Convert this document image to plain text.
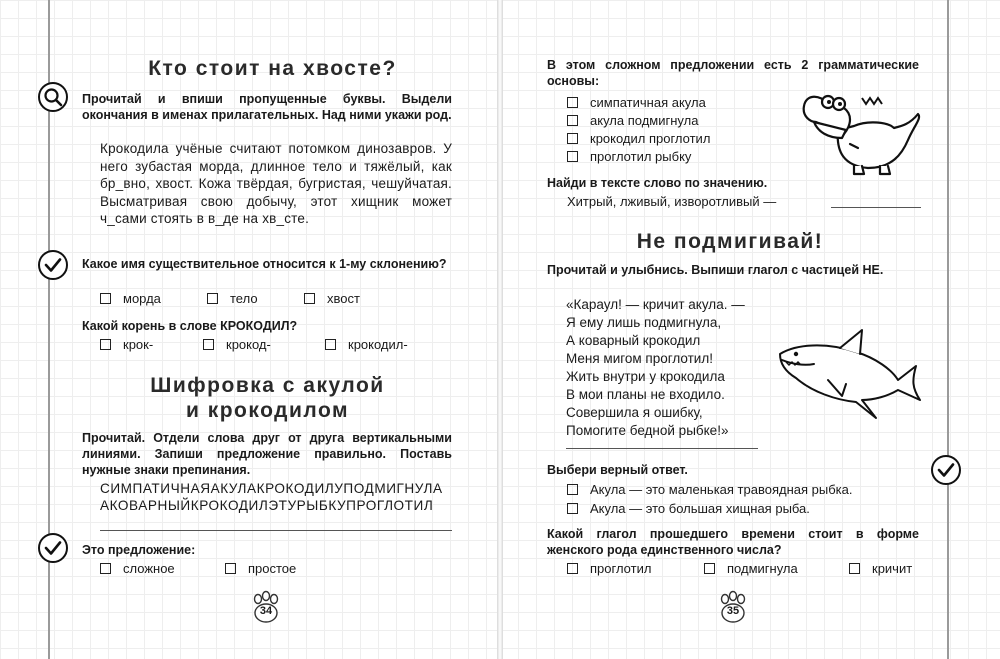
Кто стоит на хвосте?
Прочитай и впиши пропущенные буквы. Выдели окончания в именах прилагательных. Над ними укажи род.
Крокодила учёные считают потомком динозавров. У него зубастая морда, длинное тело и тяжёлый, как бр_вно, хвост. Кожа твёрдая, бугристая, чешуйчатая. Высматривая свою добычу, этот хищник может ч_сами стоять в в_де на хв_сте.
Какое имя существительное относится к 1-му склонению?
морда	тело	хвост
Какой корень в слове КРОКОДИЛ?
крок-	крокод-	крокодил-
Шифровка с акулой
и крокодилом
Прочитай. Отдели слова друг от друга вертикальными линиями. Запиши предложение правильно. Поставь нужные знаки препинания.
СИМПАТИЧНАЯАКУЛАКРОКОДИЛУПОДМИГНУЛА
АКОВАРНЫЙКРОКОДИЛЭТУРЫБКУПРОГЛОТИЛ
Это предложение:
сложное	простое
34
В этом сложном предложении есть 2 грамматические основы:
симпатичная акула
акула подмигнула
крокодил проглотил
проглотил рыбку
Найди в тексте слово по значению.
Хитрый, лживый, изворотливый —
Не подмигивай!
Прочитай и улыбнись. Выпиши глагол с частицей НЕ.
«Караул! — кричит акула. —
Я ему лишь подмигнула,
А коварный крокодил
Меня мигом проглотил!
Жить внутри у крокодила
В мои планы не входило.
Совершила я ошибку,
Помогите бедной рыбке!»
Выбери верный ответ.
Акула — это маленькая травоядная рыбка.
Акула — это большая хищная рыба.
Какой глагол прошедшего времени стоит в форме женского рода единственного числа?
проглотил	подмигнула	кричит
35
